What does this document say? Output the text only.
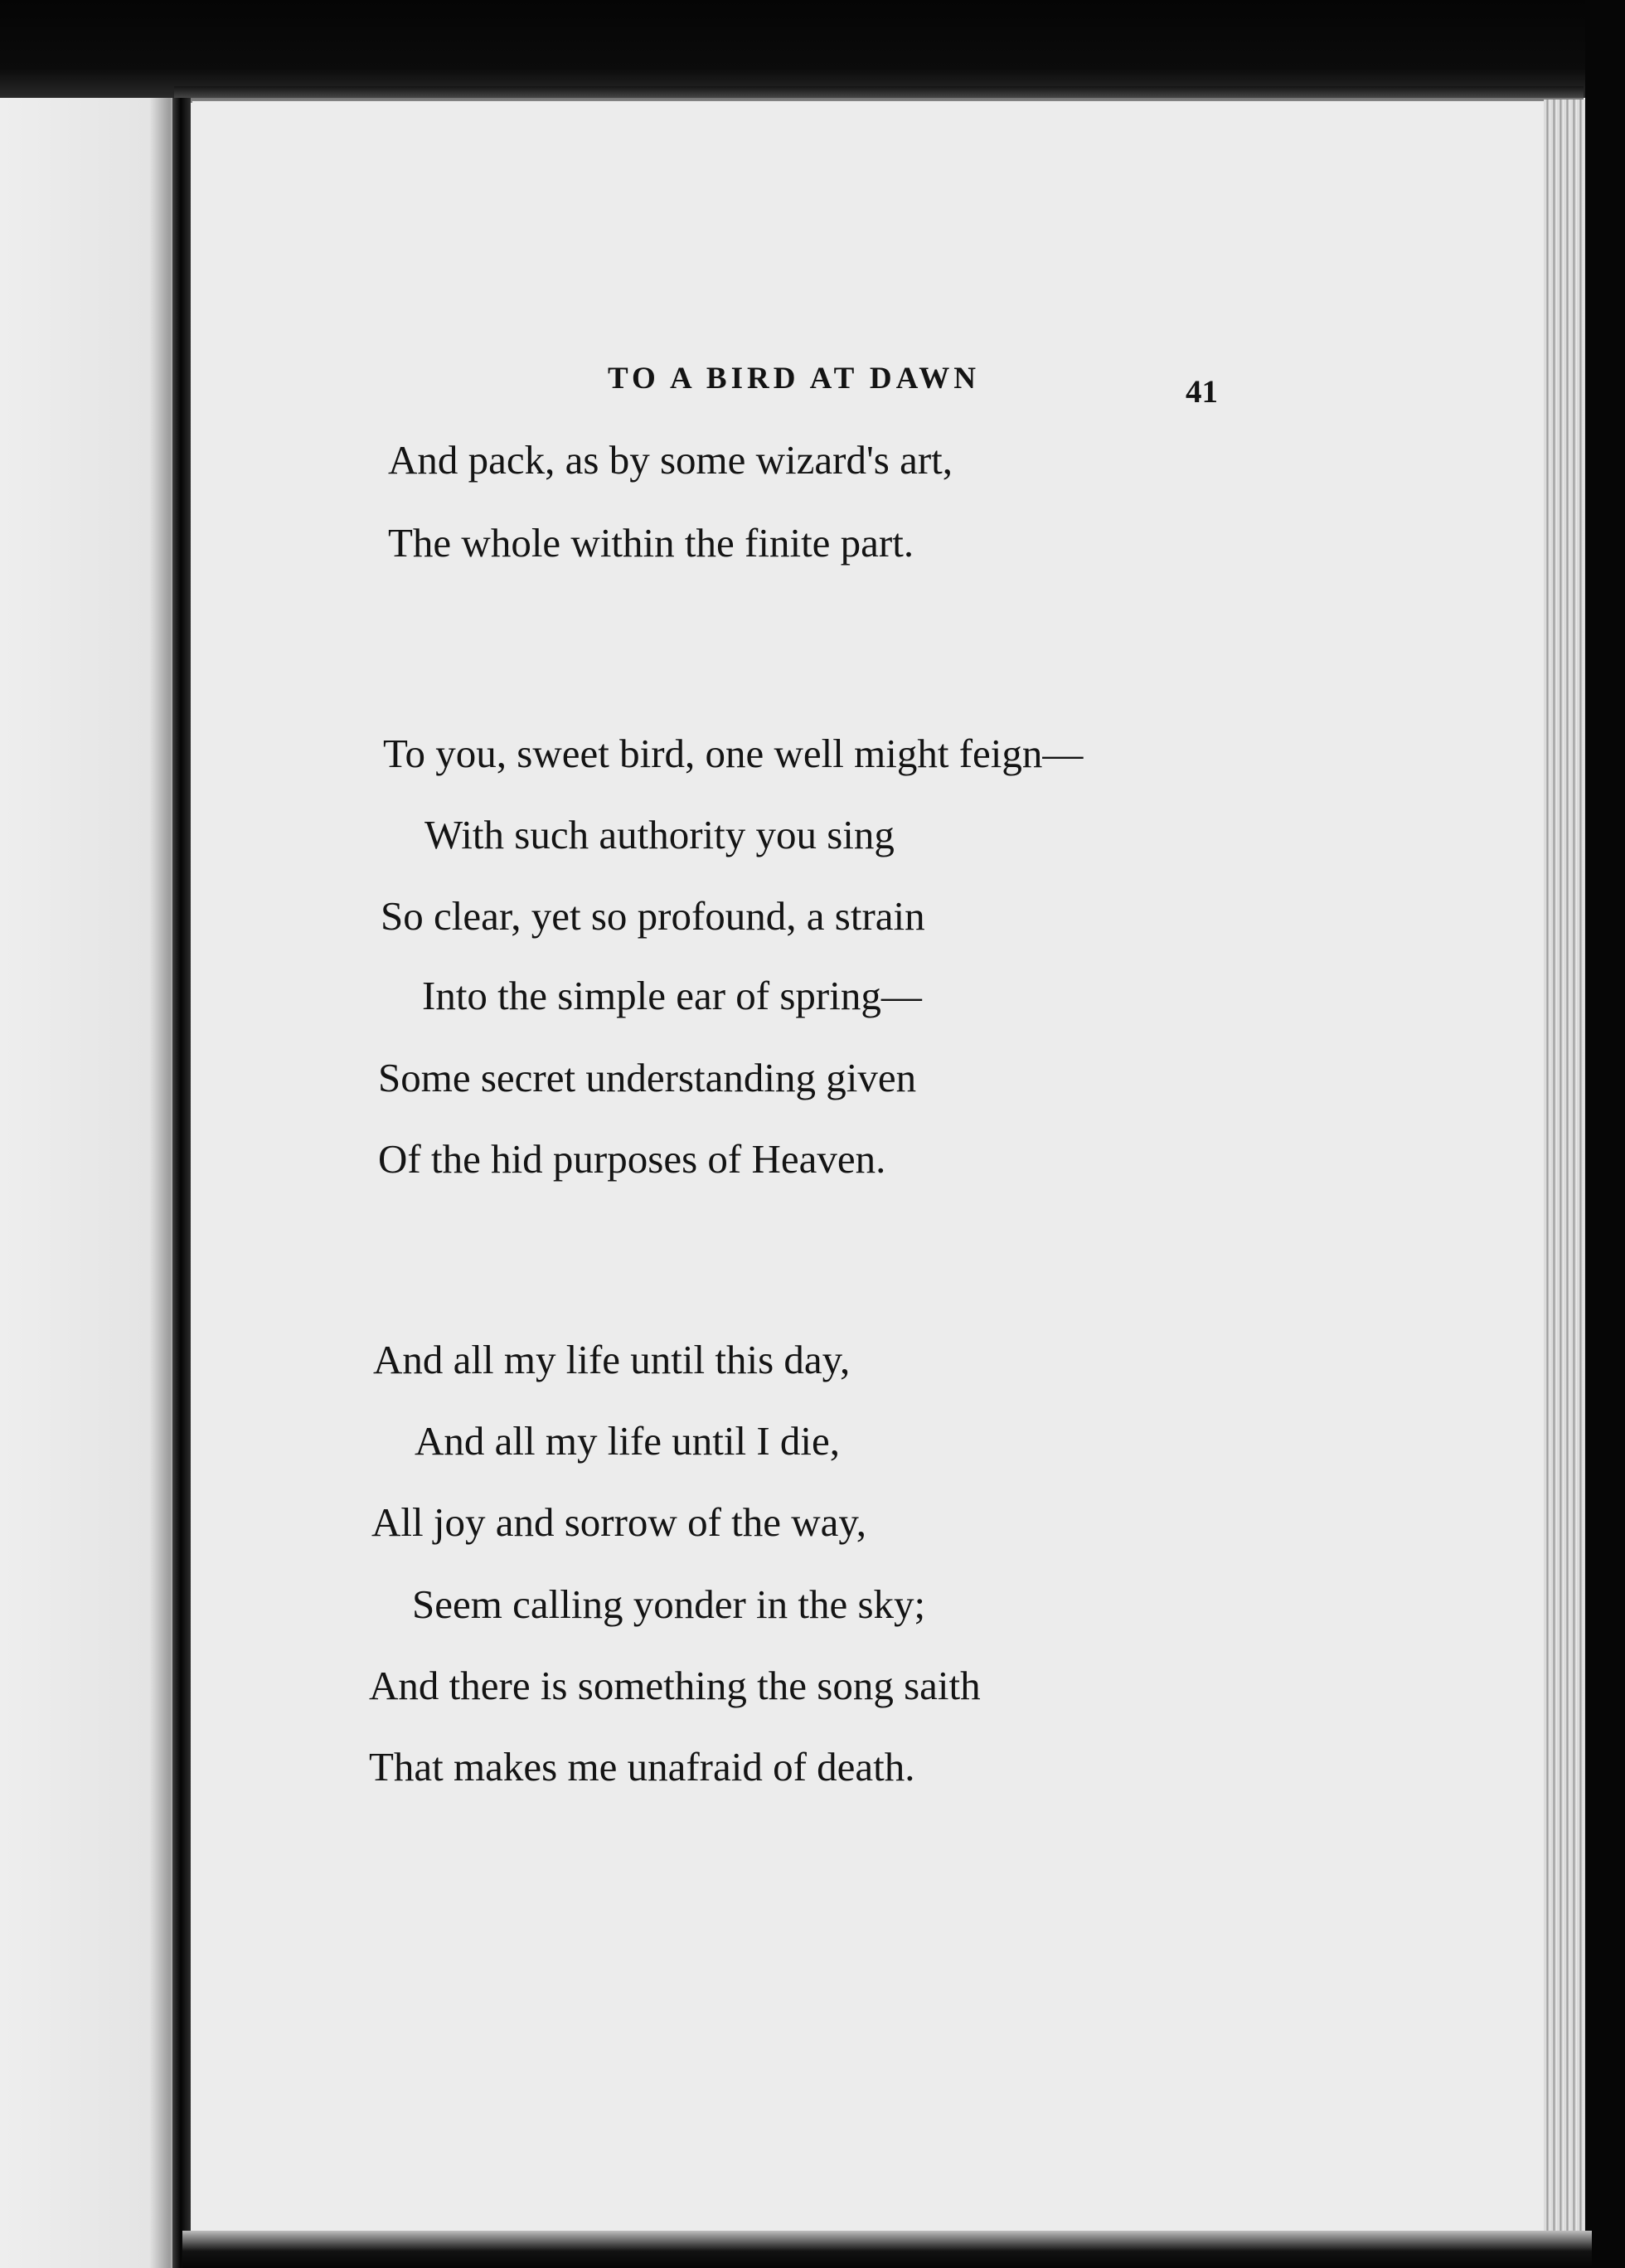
TO A BIRD AT DAWN	41
And pack, as by some wizard's art,
The whole within the finite part.
To you, sweet bird, one well might feign—
With such authority you sing
So clear, yet so profound, a strain
Into the simple ear of spring—
Some secret understanding given
Of the hid purposes of Heaven.
And all my life until this day,
And all my life until I die,
All joy and sorrow of the way,
Seem calling yonder in the sky;
And there is something the song saith
That makes me unafraid of death.
